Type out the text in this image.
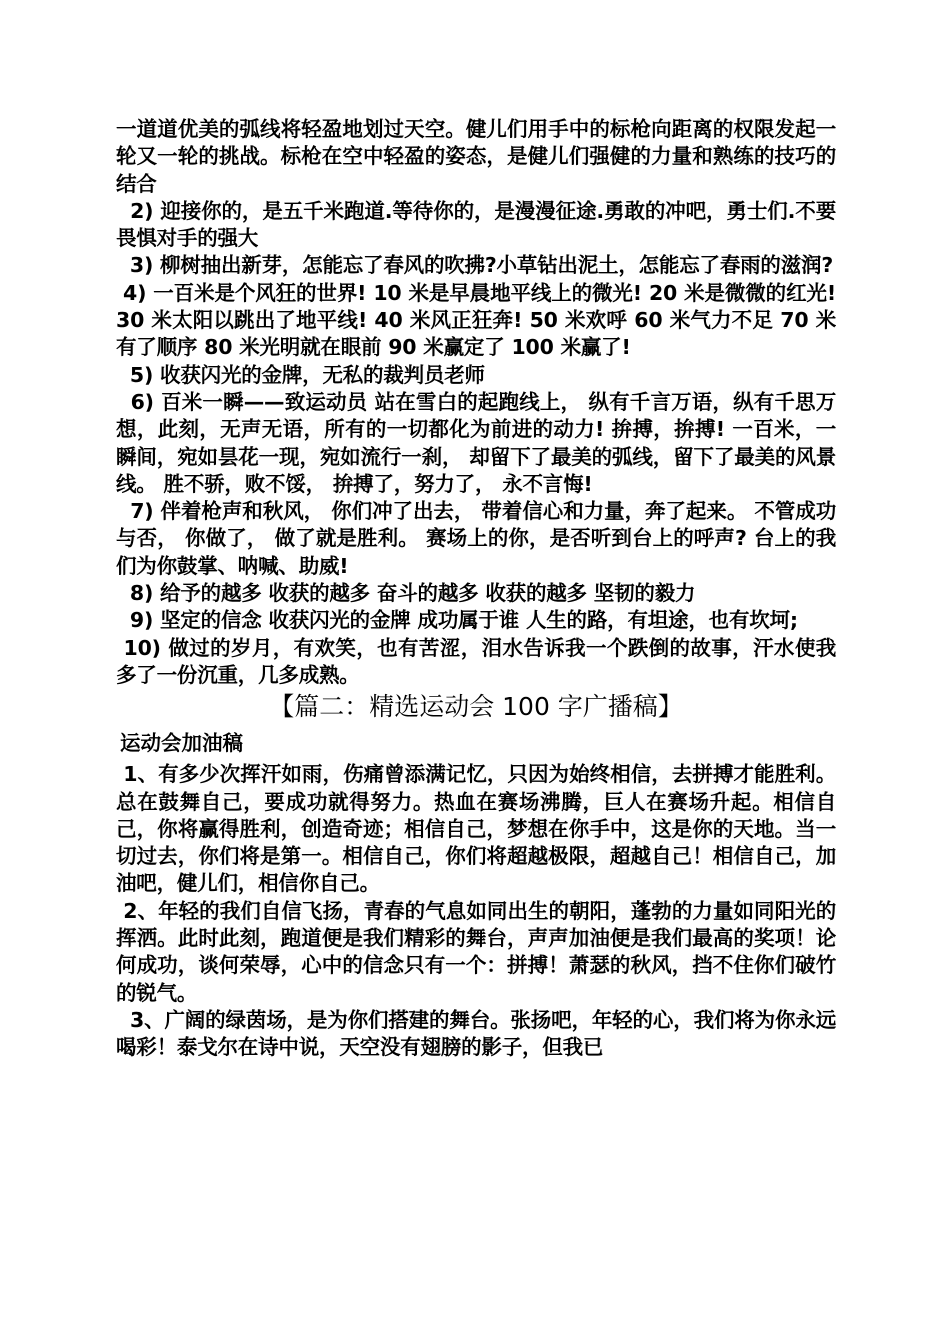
一道道优美的弧线将轻盈地划过天空。健儿们用手中的标枪向距离的权限发起一轮又一轮的挑战。标枪在空中轻盈的姿态，是健儿们强健的力量和熟练的技巧的结合

2) 迎接你的，是五千米跑道.等待你的，是漫漫征途.勇敢的冲吧，勇士们.不要畏惧对手的强大

3) 柳树抽出新芽，怎能忘了春风的吹拂?小草钻出泥土，怎能忘了春雨的滋润?

4) 一百米是个风狂的世界! 10 米是早晨地平线上的微光! 20 米是微微的红光! 30 米太阳以跳出了地平线! 40 米风正狂奔! 50 米欢呼 60 米气力不足 70 米有了顺序 80 米光明就在眼前 90 米赢定了 100 米赢了!

5) 收获闪光的金牌，无私的裁判员老师

6) 百米一瞬——致运动员 站在雪白的起跑线上， 纵有千言万语，纵有千思万想，此刻，无声无语，所有的一切都化为前进的动力! 拚搏，拚搏! 一百米，一瞬间，宛如昙花一现，宛如流行一刹， 却留下了最美的弧线，留下了最美的风景线。 胜不骄，败不馁， 拚搏了，努力了， 永不言悔!

7) 伴着枪声和秋风， 你们冲了出去， 带着信心和力量，奔了起来。 不管成功与否， 你做了， 做了就是胜利。 赛场上的你，是否听到台上的呼声? 台上的我们为你鼓掌、呐喊、助威!

8) 给予的越多 收获的越多 奋斗的越多 收获的越多 坚韧的毅力

9) 坚定的信念 收获闪光的金牌 成功属于谁 人生的路，有坦途，也有坎坷;

10) 做过的岁月，有欢笑，也有苦涩，泪水告诉我一个跌倒的故事，汗水使我多了一份沉重，几多成熟。

【篇二：精选运动会 100 字广播稿】

运动会加油稿

1、有多少次挥汗如雨，伤痛曾添满记忆，只因为始终相信，去拼搏才能胜利。总在鼓舞自己，要成功就得努力。热血在赛场沸腾，巨人在赛场升起。相信自己，你将赢得胜利，创造奇迹；相信自己，梦想在你手中，这是你的天地。当一切过去，你们将是第一。相信自己，你们将超越极限，超越自己！相信自己，加油吧，健儿们，相信你自己。

2、年轻的我们自信飞扬，青春的气息如同出生的朝阳，蓬勃的力量如同阳光的挥洒。此时此刻，跑道便是我们精彩的舞台，声声加油便是我们最高的奖项！论何成功，谈何荣辱，心中的信念只有一个：拼搏！萧瑟的秋风，挡不住你们破竹的锐气。

3、广阔的绿茵场，是为你们搭建的舞台。张扬吧，年轻的心，我们将为你永远喝彩！泰戈尔在诗中说，天空没有翅膀的影子，但我已
